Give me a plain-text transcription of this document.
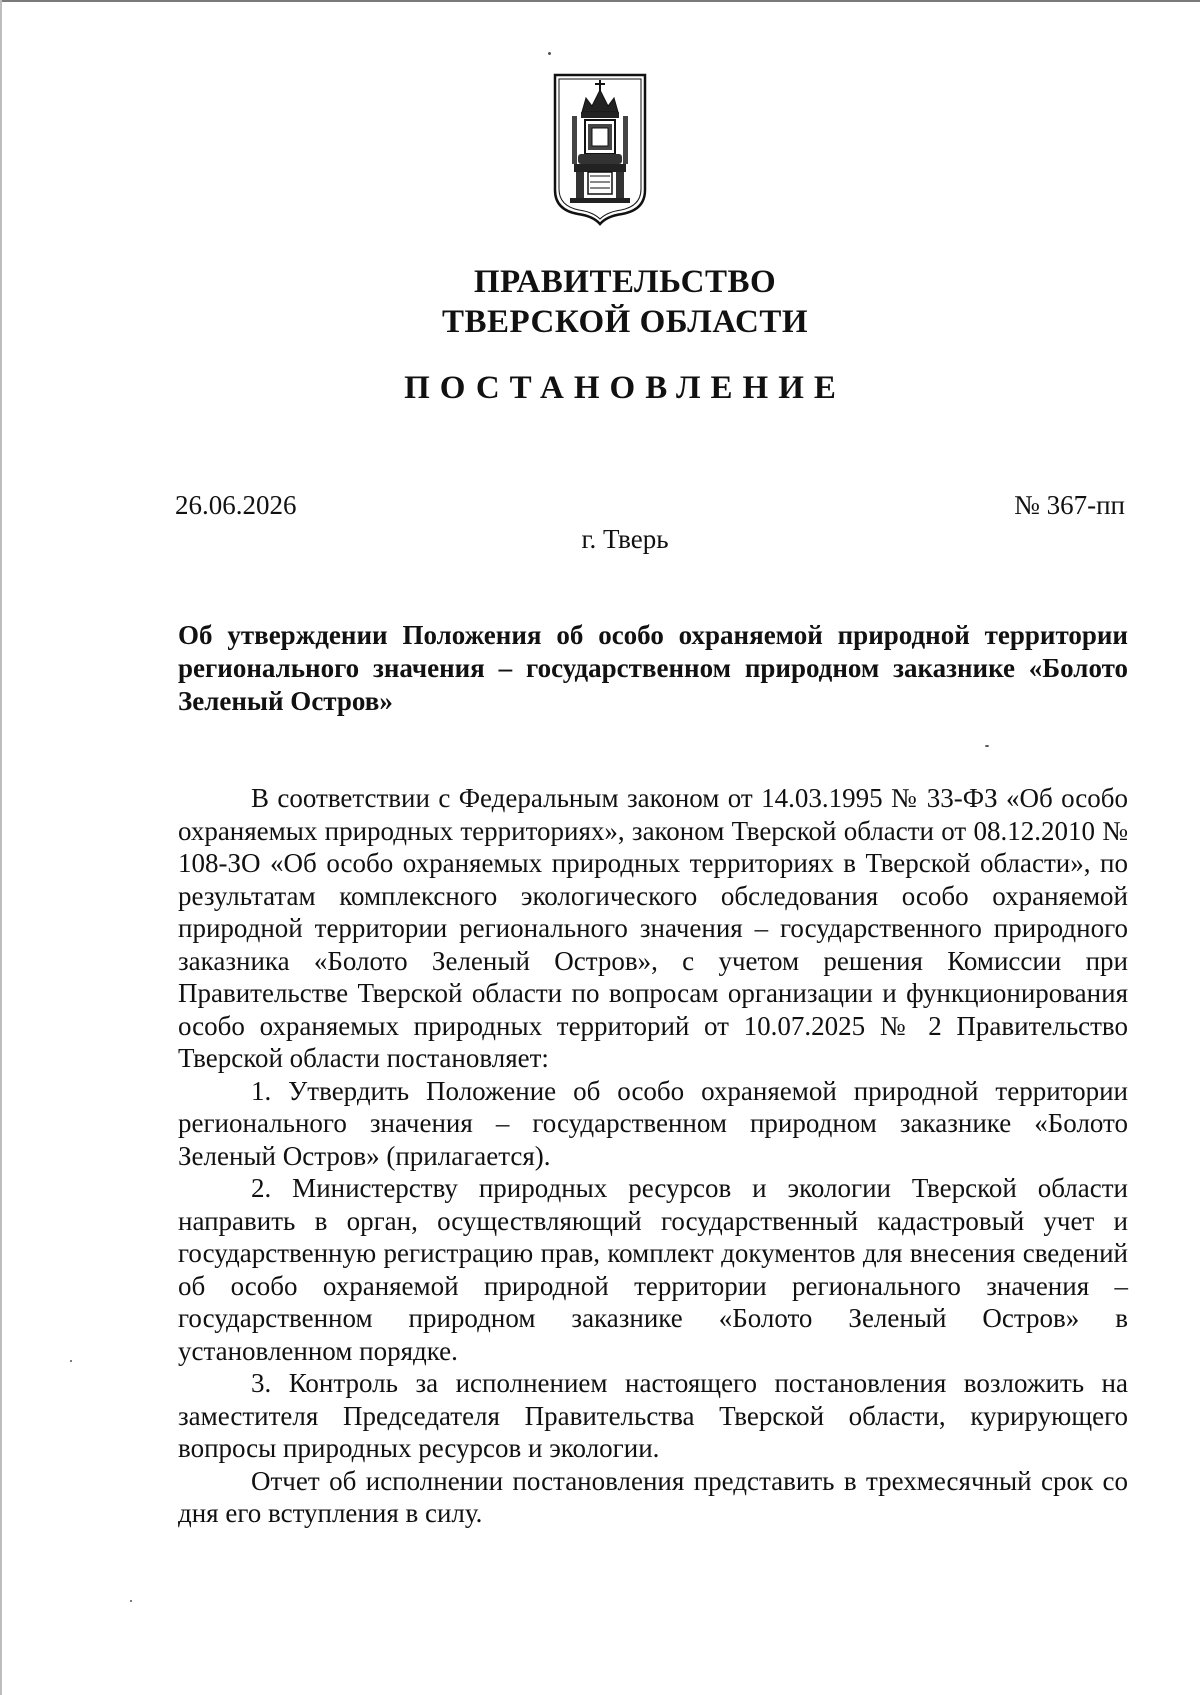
ПРАВИТЕЛЬСТВО
ТВЕРСКОЙ ОБЛАСТИ
ПОСТАНОВЛЕНИЕ
26.06.2026	№ 367-пп
г. Тверь
Об утверждении Положения об особо охраняемой природной территории регионального значения – государственном природном заказнике «Болото Зеленый Остров»

В соответствии с Федеральным законом от 14.03.1995 № 33-ФЗ «Об особо охраняемых природных территориях», законом Тверской области от 08.12.2010 № 108-ЗО «Об особо охраняемых природных территориях в Тверской области», по результатам комплексного экологического обследования особо охраняемой природной территории регионального значения – государственного природного заказника «Болото Зеленый Остров», с учетом решения Комиссии при Правительстве Тверской области по вопросам организации и функционирования особо охраняемых природных территорий от 10.07.2025 № 2 Правительство Тверской области постановляет:

1. Утвердить Положение об особо охраняемой природной территории регионального значения – государственном природном заказнике «Болото Зеленый Остров» (прилагается).

2. Министерству природных ресурсов и экологии Тверской области направить в орган, осуществляющий государственный кадастровый учет и государственную регистрацию прав, комплект документов для внесения сведений об особо охраняемой природной территории регионального значения – государственном природном заказнике «Болото Зеленый Остров» в установленном порядке.

3. Контроль за исполнением настоящего постановления возложить на заместителя Председателя Правительства Тверской области, курирующего вопросы природных ресурсов и экологии.

Отчет об исполнении постановления представить в трехмесячный срок со дня его вступления в силу.
